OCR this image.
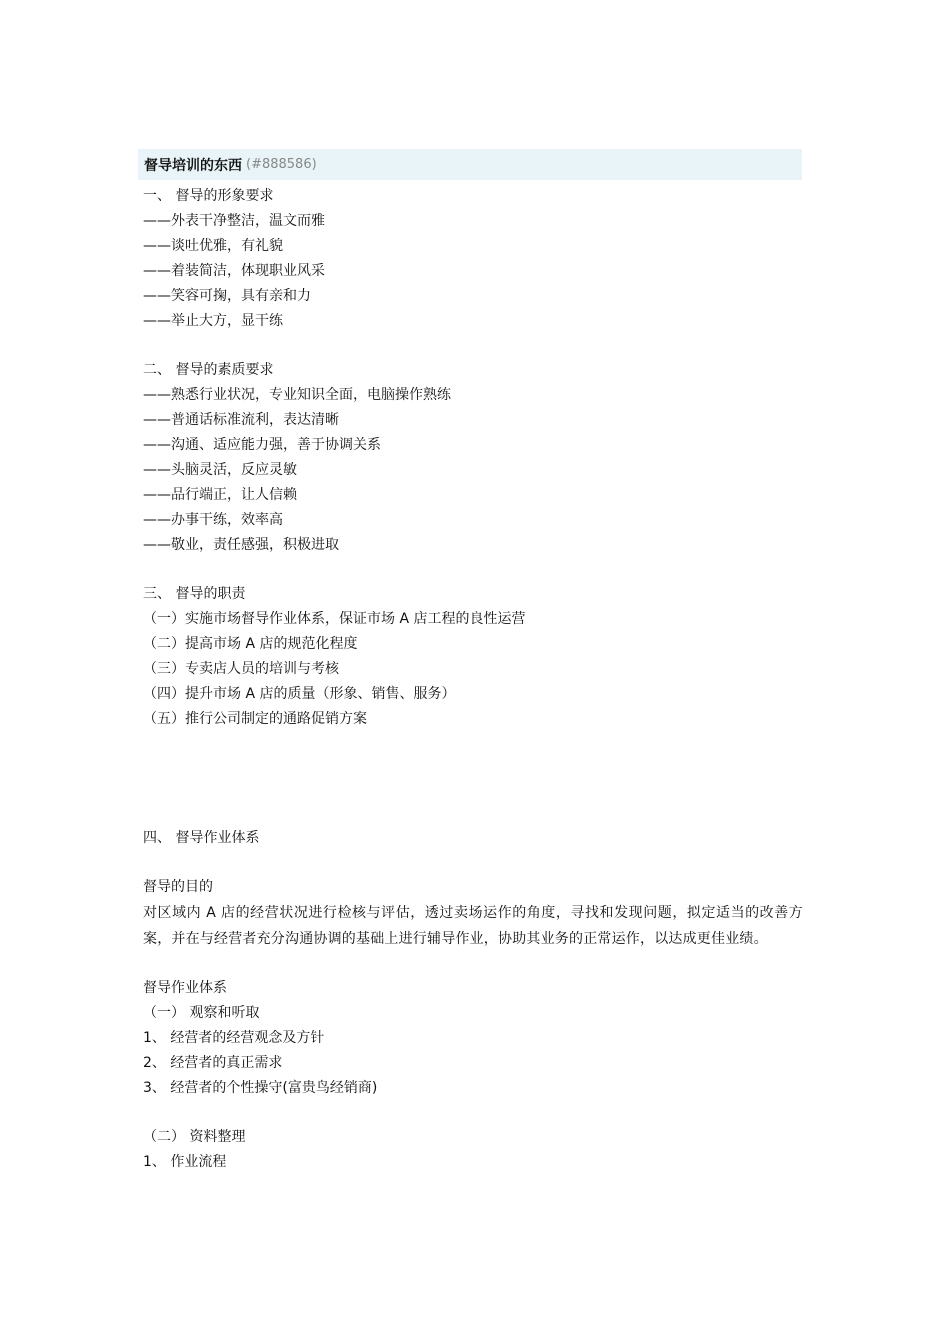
督导培训的东西 (#888586)
一、 督导的形象要求
——外表干净整洁，温文而雅
——谈吐优雅，有礼貌
——着装简洁，体现职业风采
——笑容可掬，具有亲和力
——举止大方，显干练
二、 督导的素质要求
——熟悉行业状况，专业知识全面，电脑操作熟练
——普通话标准流利，表达清晰
——沟通、适应能力强，善于协调关系
——头脑灵活，反应灵敏
——品行端正，让人信赖
——办事干练，效率高
——敬业，责任感强，积极进取
三、 督导的职责
（一）实施市场督导作业体系，保证市场 A 店工程的良性运营
（二）提高市场 A 店的规范化程度
（三）专卖店人员的培训与考核
（四）提升市场 A 店的质量（形象、销售、服务）
（五）推行公司制定的通路促销方案
四、 督导作业体系
督导的目的
对区域内 A 店的经营状况进行检核与评估，透过卖场运作的角度，寻找和发现问题，拟定适当的改善方案，并在与经营者充分沟通协调的基础上进行辅导作业，协助其业务的正常运作，以达成更佳业绩。
督导作业体系
（一） 观察和听取
1、 经营者的经营观念及方针
2、 经营者的真正需求
3、 经营者的个性操守(富贵鸟经销商)
（二） 资料整理
1、 作业流程
